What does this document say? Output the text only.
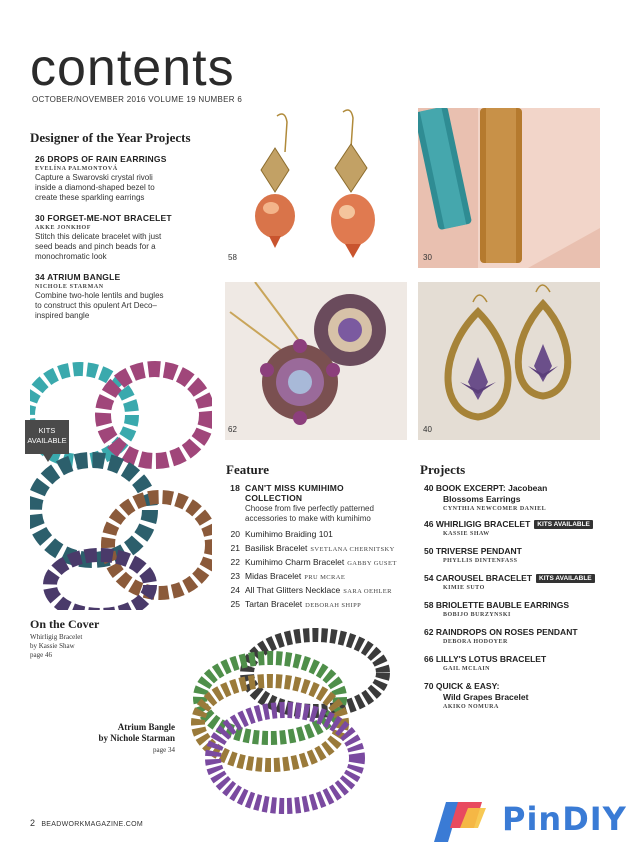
contents
OCTOBER/NOVEMBER 2016 VOLUME 19 NUMBER 6
Designer of the Year Projects
26 DROPS OF RAIN EARRINGS
EVELÍNA PALMONTOVÁ
Capture a Swarovski crystal rivoli
inside a diamond-shaped bezel to
create these sparkling earrings
30 FORGET-ME-NOT BRACELET
AKKE JONKHOF
Stitch this delicate bracelet with just
seed beads and pinch beads for a
monochromatic look
34 ATRIUM BANGLE
NICHOLE STARMAN
Combine two-hole lentils and bugles
to construct this opulent Art Deco–
inspired bangle
58	30
62	40
KITS
AVAILABLE
On the Cover
Whirligig Bracelet
by Kassie Shaw
page 46
Atrium Bangle
by Nichole Starman
page 34
Feature
18 CAN'T MISS KUMIHIMO
COLLECTION
Choose from five perfectly patterned
accessories to make with kumihimo
20 Kumihimo Braiding 101
21 Basilisk Bracelet SVETLANA CHERNITSKY
22 Kumihimo Charm Bracelet GABBY GUSET
23 Midas Bracelet PRU MCRAE
24 All That Glitters Necklace SARA OEHLER
25 Tartan Bracelet DEBORAH SHIPP
Projects
40 BOOK EXCERPT: Jacobean
Blossoms Earrings
CYNTHIA NEWCOMER DANIEL
46 WHIRLIGIG BRACELET KITS AVAILABLE
KASSIE SHAW
50 TRIVERSE PENDANT
PHYLLIS DINTENFASS
54 CAROUSEL BRACELET KITS AVAILABLE
KIMIE SUTO
58 BRIOLETTE BAUBLE EARRINGS
BOBIJO BURZYNSKI
62 RAINDROPS ON ROSES PENDANT
DEBORA HODOYER
66 LILLY'S LOTUS BRACELET
GAIL MCLAIN
70 QUICK & EASY:
Wild Grapes Bracelet
AKIKO NOMURA
2 BEADWORKMAGAZINE.COM	PinDIY
